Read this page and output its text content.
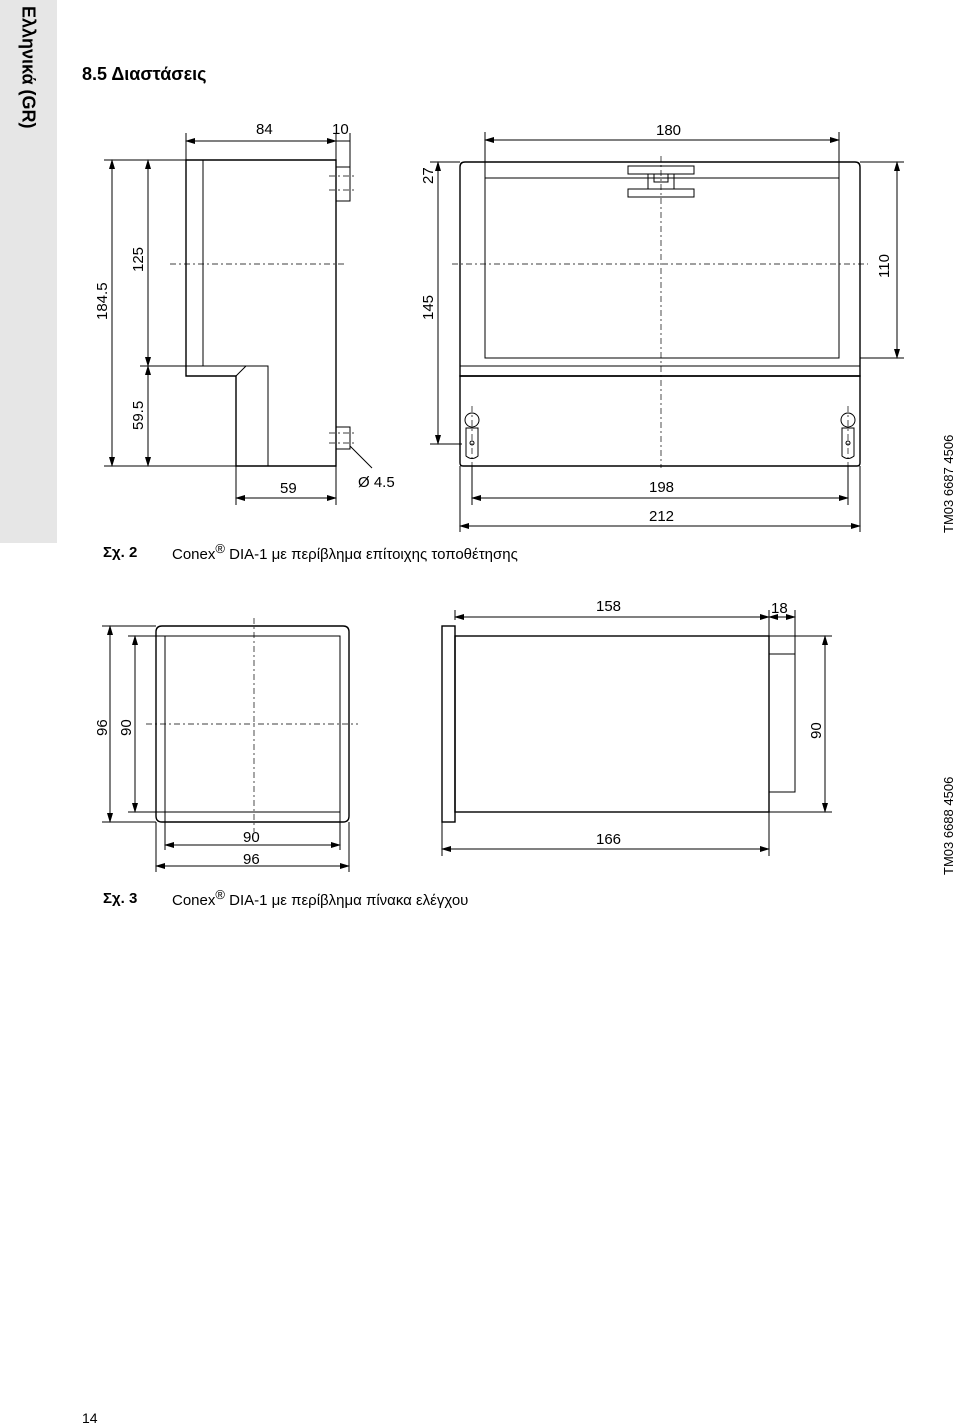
Ελληνικά (GR) 8.5 Διαστάσεις
84	10
59	Ø 4.5
184.5
125
59.5
180
27
145
110
198
212
96 90
90
96
158	18
90
166
Σχ. 2 Conex® DIA-1 με περίβλημα επίτοιχης τοποθέτησης
TM03 6687 4506
Σχ. 3 Conex® DIA-1 με περίβλημα πίνακα ελέγχου
TM03 6688 4506
14
